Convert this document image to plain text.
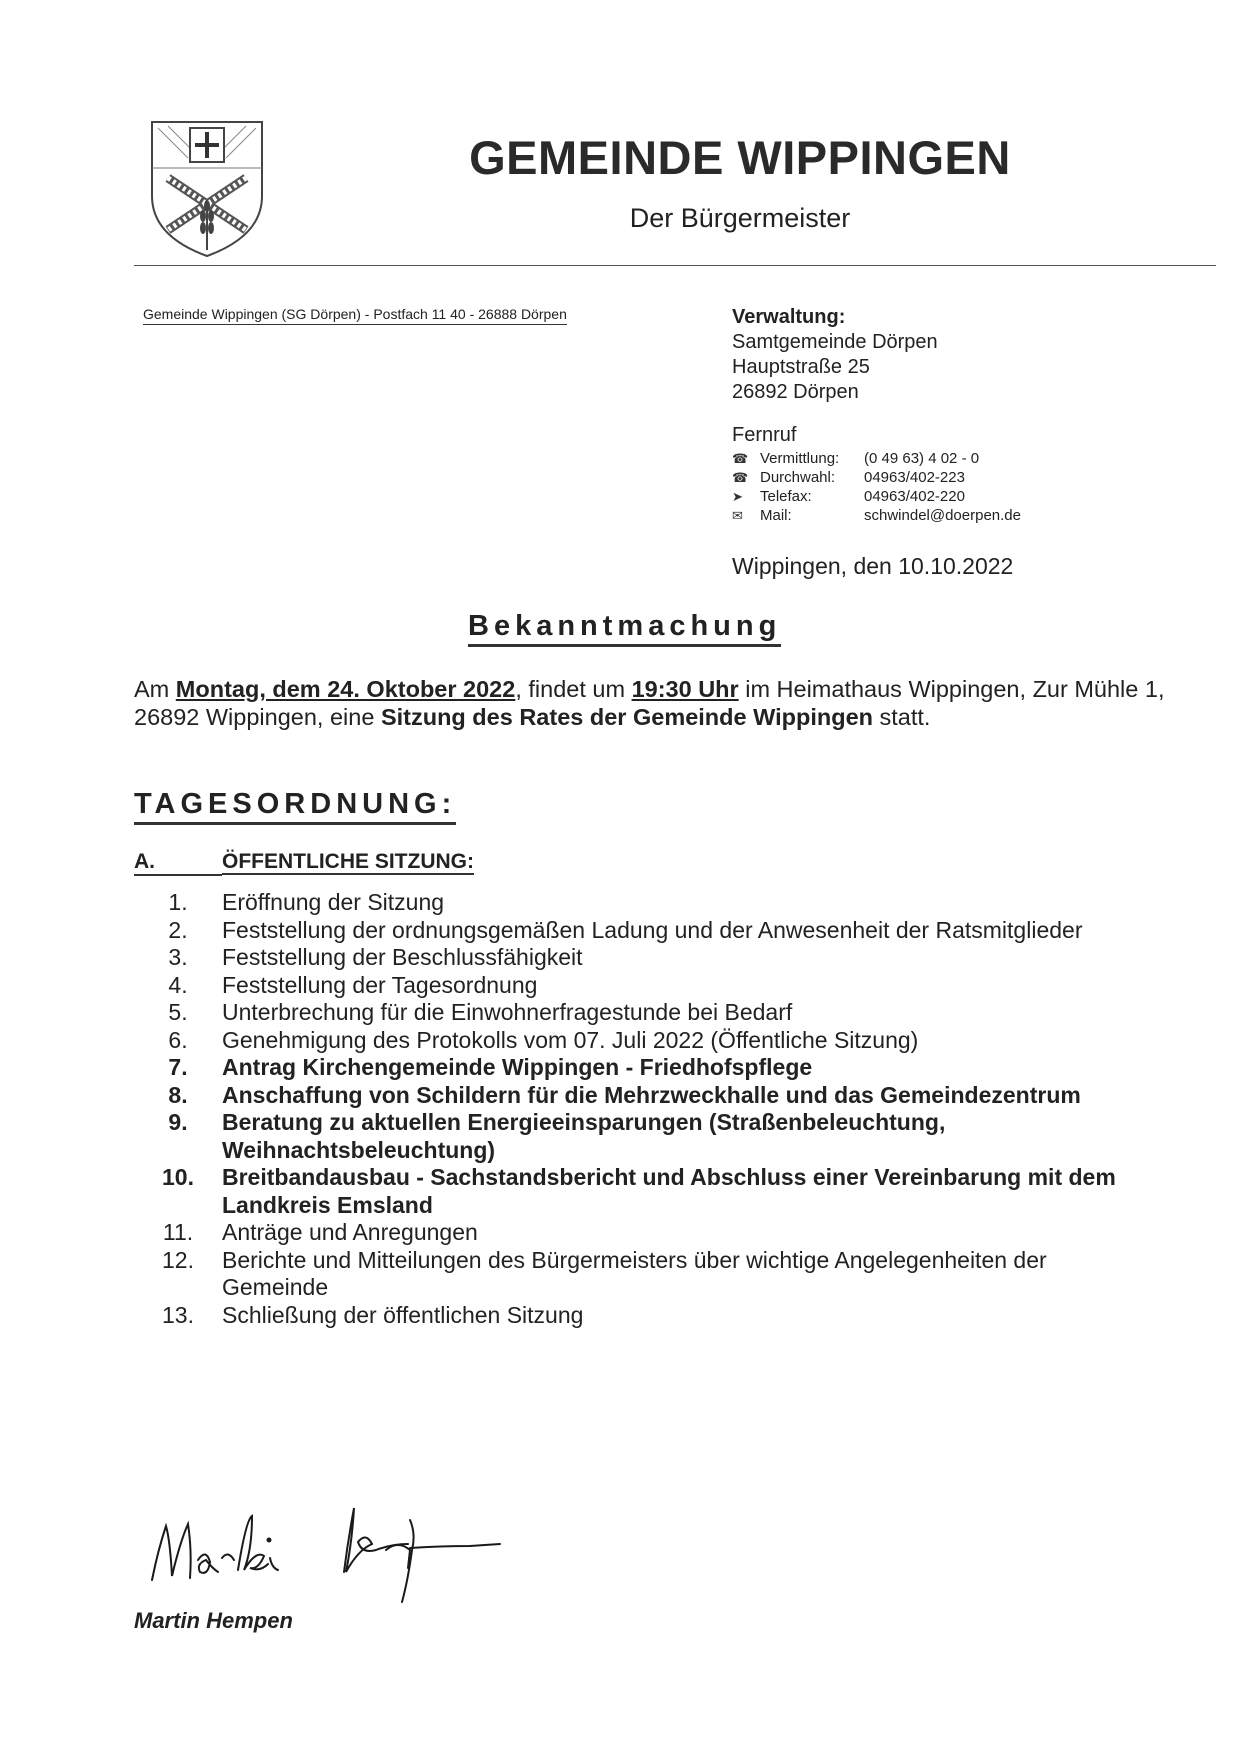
GEMEINDE WIPPINGEN
Der Bürgermeister
Gemeinde Wippingen (SG Dörpen) - Postfach 11 40 - 26888 Dörpen	Verwaltung:
Samtgemeinde Dörpen
Hauptstraße 25
26892 Dörpen
Fernruf
☎ Vermittlung:	(0 49 63) 4 02 - 0
☎ Durchwahl:	04963/402-223
➤	Telefax:	04963/402-220
✉	Mail:	schwindel@doerpen.de
Wippingen, den 10.10.2022
Bekanntmachung
Am Montag, dem 24. Oktober 2022, findet um 19:30 Uhr im Heimathaus Wippingen, Zur Mühle 1, 26892 Wippingen, eine Sitzung des Rates der Gemeinde Wippingen statt.
TAGESORDNUNG:
A.	ÖFFENTLICHE SITZUNG:
1.	Eröffnung der Sitzung
2.	Feststellung der ordnungsgemäßen Ladung und der Anwesenheit der Ratsmitglieder
3.	Feststellung der Beschlussfähigkeit
4.	Feststellung der Tagesordnung
5.	Unterbrechung für die Einwohnerfragestunde bei Bedarf
6.	Genehmigung des Protokolls vom 07. Juli 2022 (Öffentliche Sitzung)
7.	Antrag Kirchengemeinde Wippingen - Friedhofspflege
8.	Anschaffung von Schildern für die Mehrzweckhalle und das Gemeindezentrum
9.	Beratung zu aktuellen Energieeinsparungen (Straßenbeleuchtung, Weihnachtsbeleuchtung)
10.	Breitbandausbau - Sachstandsbericht und Abschluss einer Vereinbarung mit dem Landkreis Emsland
11.	Anträge und Anregungen
12.	Berichte und Mitteilungen des Bürgermeisters über wichtige Angelegenheiten der Gemeinde
13.	Schließung der öffentlichen Sitzung
Martin Hempen
